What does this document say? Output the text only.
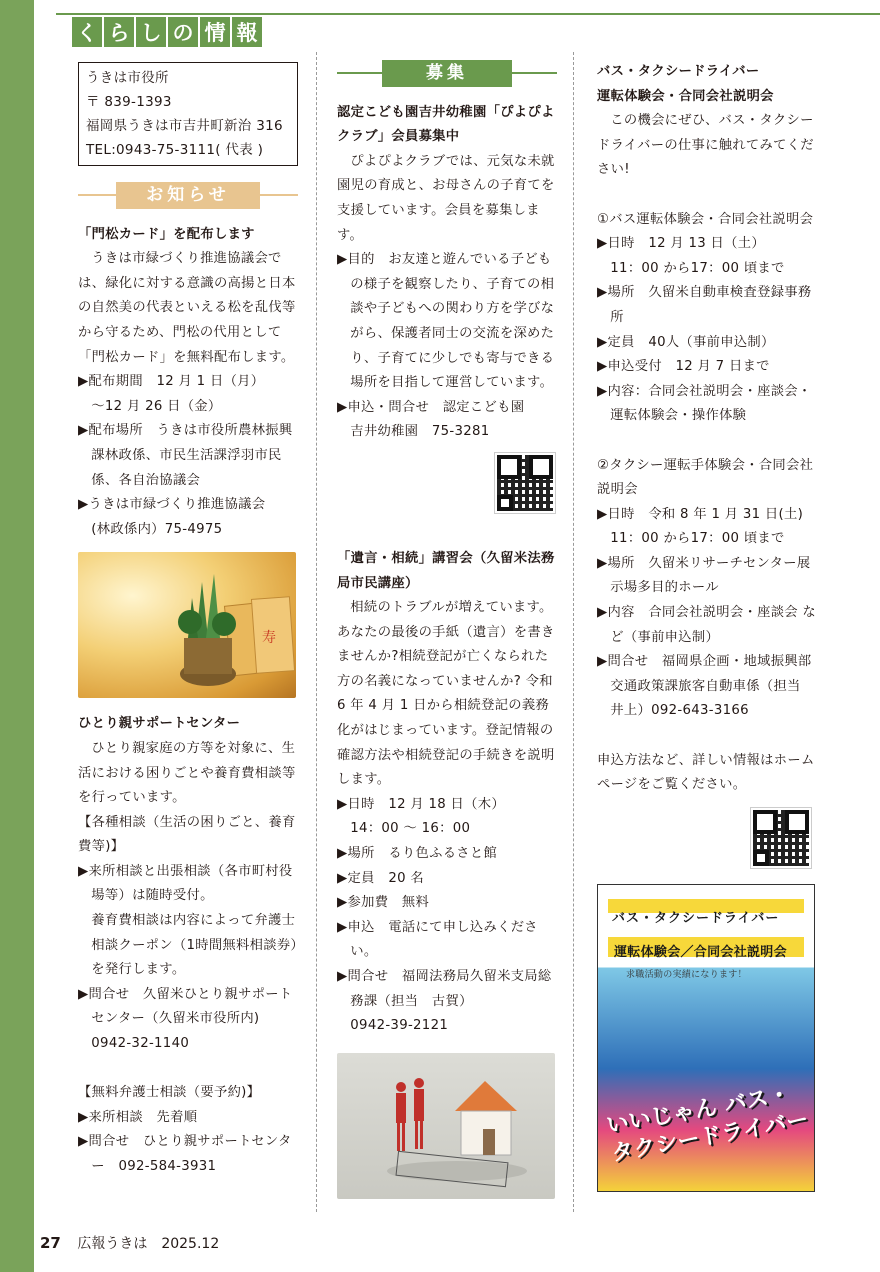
く ら し の 情 報

うきは市役所

〒 839-1393

福岡県うきは市吉井町新治 316

TEL:0943-75-3111( 代表 )

お知らせ

「門松カード」を配布します

うきは市緑づくり推進協議会では、緑化に対する意識の高揚と日本の自然美の代表といえる松を乱伐等から守るため、門松の代用として「門松カード」を無料配布します。

▶配布期間　12 月 1 日（月）

～12 月 26 日（金）

▶配布場所　うきは市役所農林振興課林政係、市民生活課浮羽市民係、各自治協議会

▶うきは市緑づくり推進協議会

(林政係内）75-4975

寿

ひとり親サポートセンター

ひとり親家庭の方等を対象に、生活における困りごとや養育費相談等を行っています。

【各種相談（生活の困りごと、養育費等)】

▶来所相談と出張相談（各市町村役場等）は随時受付。

養育費相談は内容によって弁護士相談クーポン（1時間無料相談券）を発行します。

▶問合せ　久留米ひとり親サポートセンター（久留米市役所内)

0942-32-1140

【無料弁護士相談（要予約)】

▶来所相談　先着順

▶問合せ　ひとり親サポートセンター　092-584-3931

募集

認定こども園吉井幼稚園「ぴよぴよクラブ」会員募集中

ぴよぴよクラブでは、元気な未就園児の育成と、お母さんの子育てを支援しています。会員を募集します。

▶目的　お友達と遊んでいる子どもの様子を観察したり、子育ての相談や子どもへの関わり方を学びながら、保護者同士の交流を深めたり、子育てに少しでも寄与できる場所を目指して運営しています。

▶申込・問合せ　認定こども園

吉井幼稚園　75-3281

「遺言・相続」講習会（久留米法務局市民講座）

相続のトラブルが増えています。あなたの最後の手紙（遺言）を書きませんか?相続登記が亡くなられた方の名義になっていませんか? 令和 6 年 4 月 1 日から相続登記の義務化がはじまっています。登記情報の確認方法や相続登記の手続きを説明します。

▶日時　12 月 18 日（木）

14：00 ～ 16：00

▶場所　るり色ふるさと館

▶定員　20 名

▶参加費　無料

▶申込　電話にて申し込みください。

▶問合せ　福岡法務局久留米支局総務課（担当　古賀）

0942-39-2121

バス・タクシードライバー

運転体験会・合同会社説明会

この機会にぜひ、バス・タクシードライバーの仕事に触れてみてください!

①バス運転体験会・合同会社説明会

▶日時　12 月 13 日（土）

11：00 から17：00 頃まで

▶場所　久留米自動車検査登録事務所

▶定員　40人（事前申込制）

▶申込受付　12 月 7 日まで

▶内容：合同会社説明会・座談会・運転体験会・操作体験

②タクシー運転手体験会・合同会社説明会

▶日時　令和 8 年 1 月 31 日(土)

11：00 から17：00 頃まで

▶場所　久留米リサーチセンター展示場多目的ホール

▶内容　合同会社説明会・座談会 など（事前申込制）

▶問合せ　福岡県企画・地域振興部交通政策課旅客自動車係（担当　井上）092-643-3166

申込方法など、詳しい情報はホームページをご覧ください。

バス・タクシードライバー
運転体験会／合同会社説明会
求職活動の実績になります！
いいじゃん バス・タクシードライバー
27 広報うきは　2025.12
